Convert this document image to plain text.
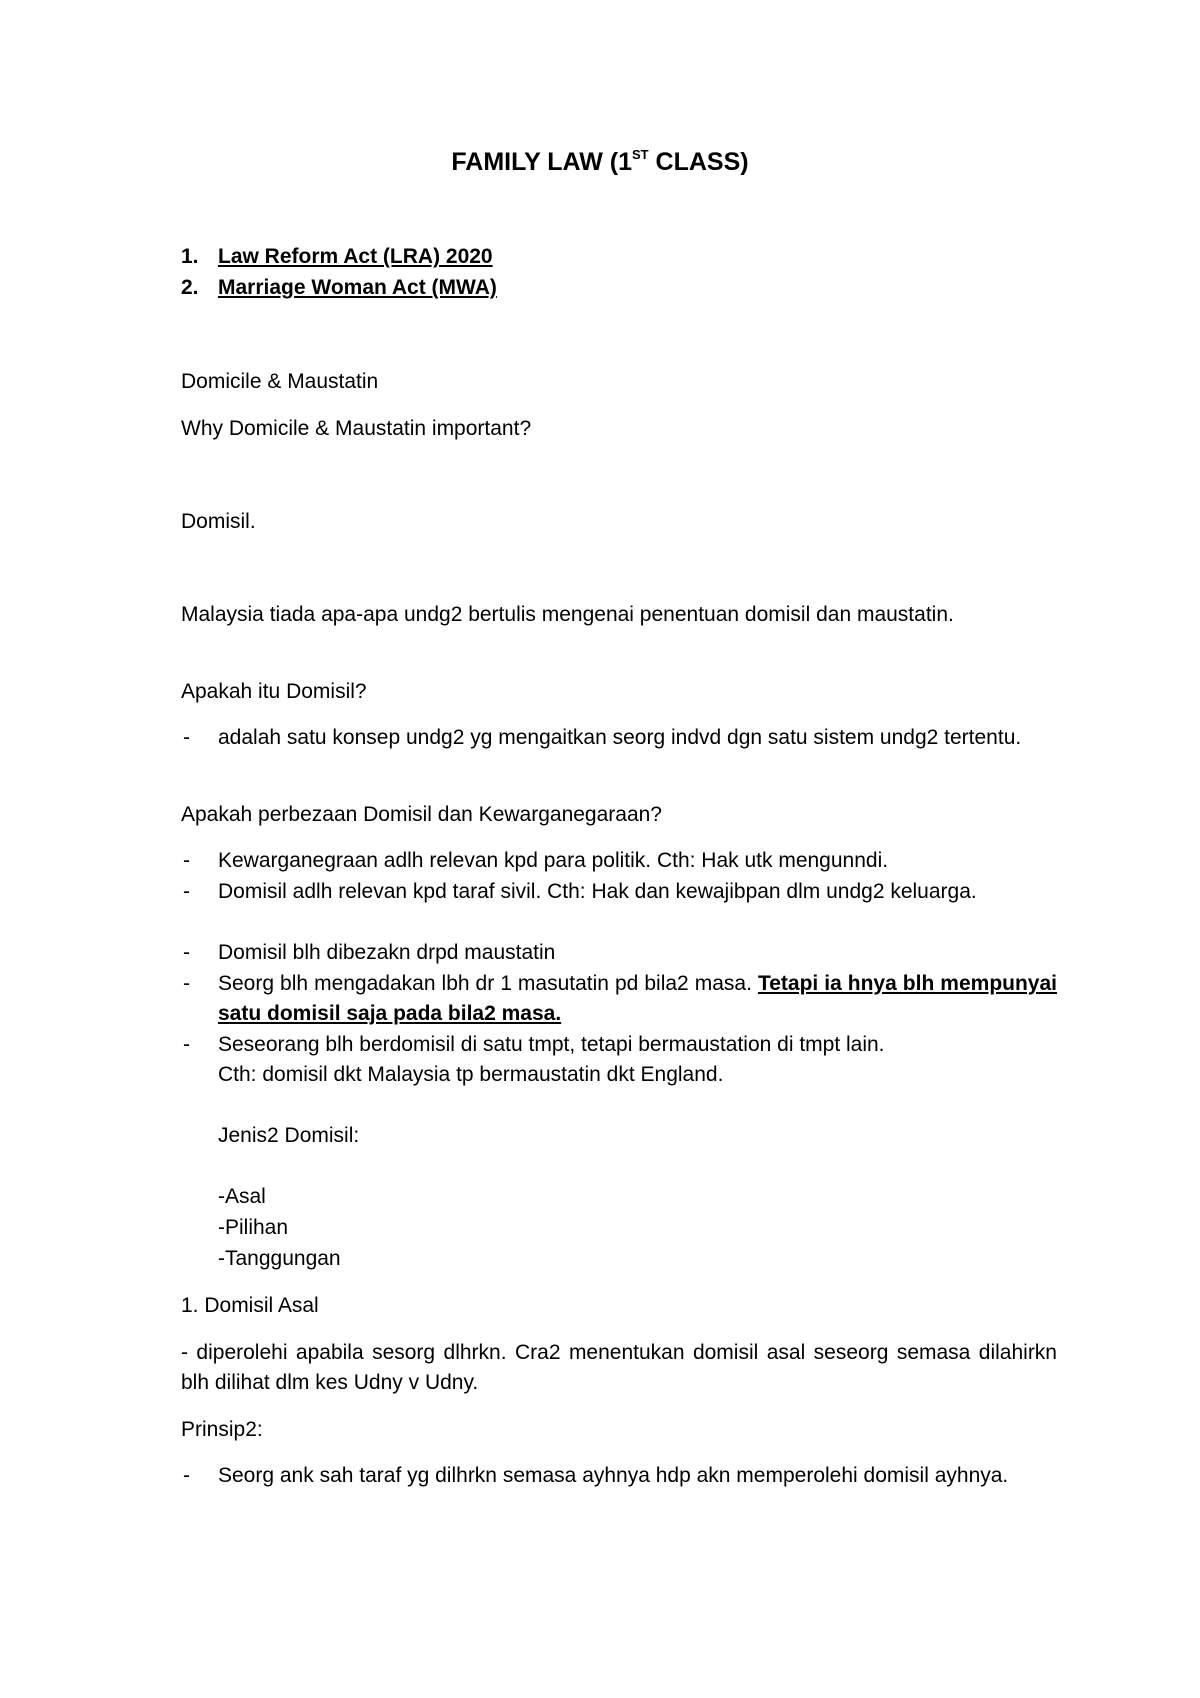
FAMILY LAW (1ST CLASS)
1. Law Reform Act (LRA) 2020
2. Marriage Woman Act (MWA)

Domicile & Maustatin

Why Domicile & Maustatin important?

Domisil.

Malaysia tiada apa-apa undg2 bertulis mengenai penentuan domisil dan maustatin.

Apakah itu Domisil?

- adalah satu konsep undg2 yg mengaitkan seorg indvd dgn satu sistem undg2 tertentu.

Apakah perbezaan Domisil dan Kewarganegaraan?

- Kewarganegraan adlh relevan kpd para politik. Cth: Hak utk mengunndi.
- Domisil adlh relevan kpd taraf sivil. Cth: Hak dan kewajibpan dlm undg2 keluarga.
- Domisil blh dibezakn drpd maustatin
- Seorg blh mengadakan lbh dr 1 masutatin pd bila2 masa. Tetapi ia hnya blh mempunyai satu domisil saja pada bila2 masa.
- Seseorang blh berdomisil di satu tmpt, tetapi bermaustation di tmpt lain.
Cth: domisil dkt Malaysia tp bermaustatin dkt England.

Jenis2 Domisil:

-Asal

-Pilihan

-Tanggungan

1. Domisil Asal

- diperolehi apabila sesorg dlhrkn. Cra2 menentukan domisil asal seseorg semasa dilahirkn blh dilihat dlm kes Udny v Udny.

Prinsip2:

- Seorg ank sah taraf yg dilhrkn semasa ayhnya hdp akn memperolehi domisil ayhnya.
